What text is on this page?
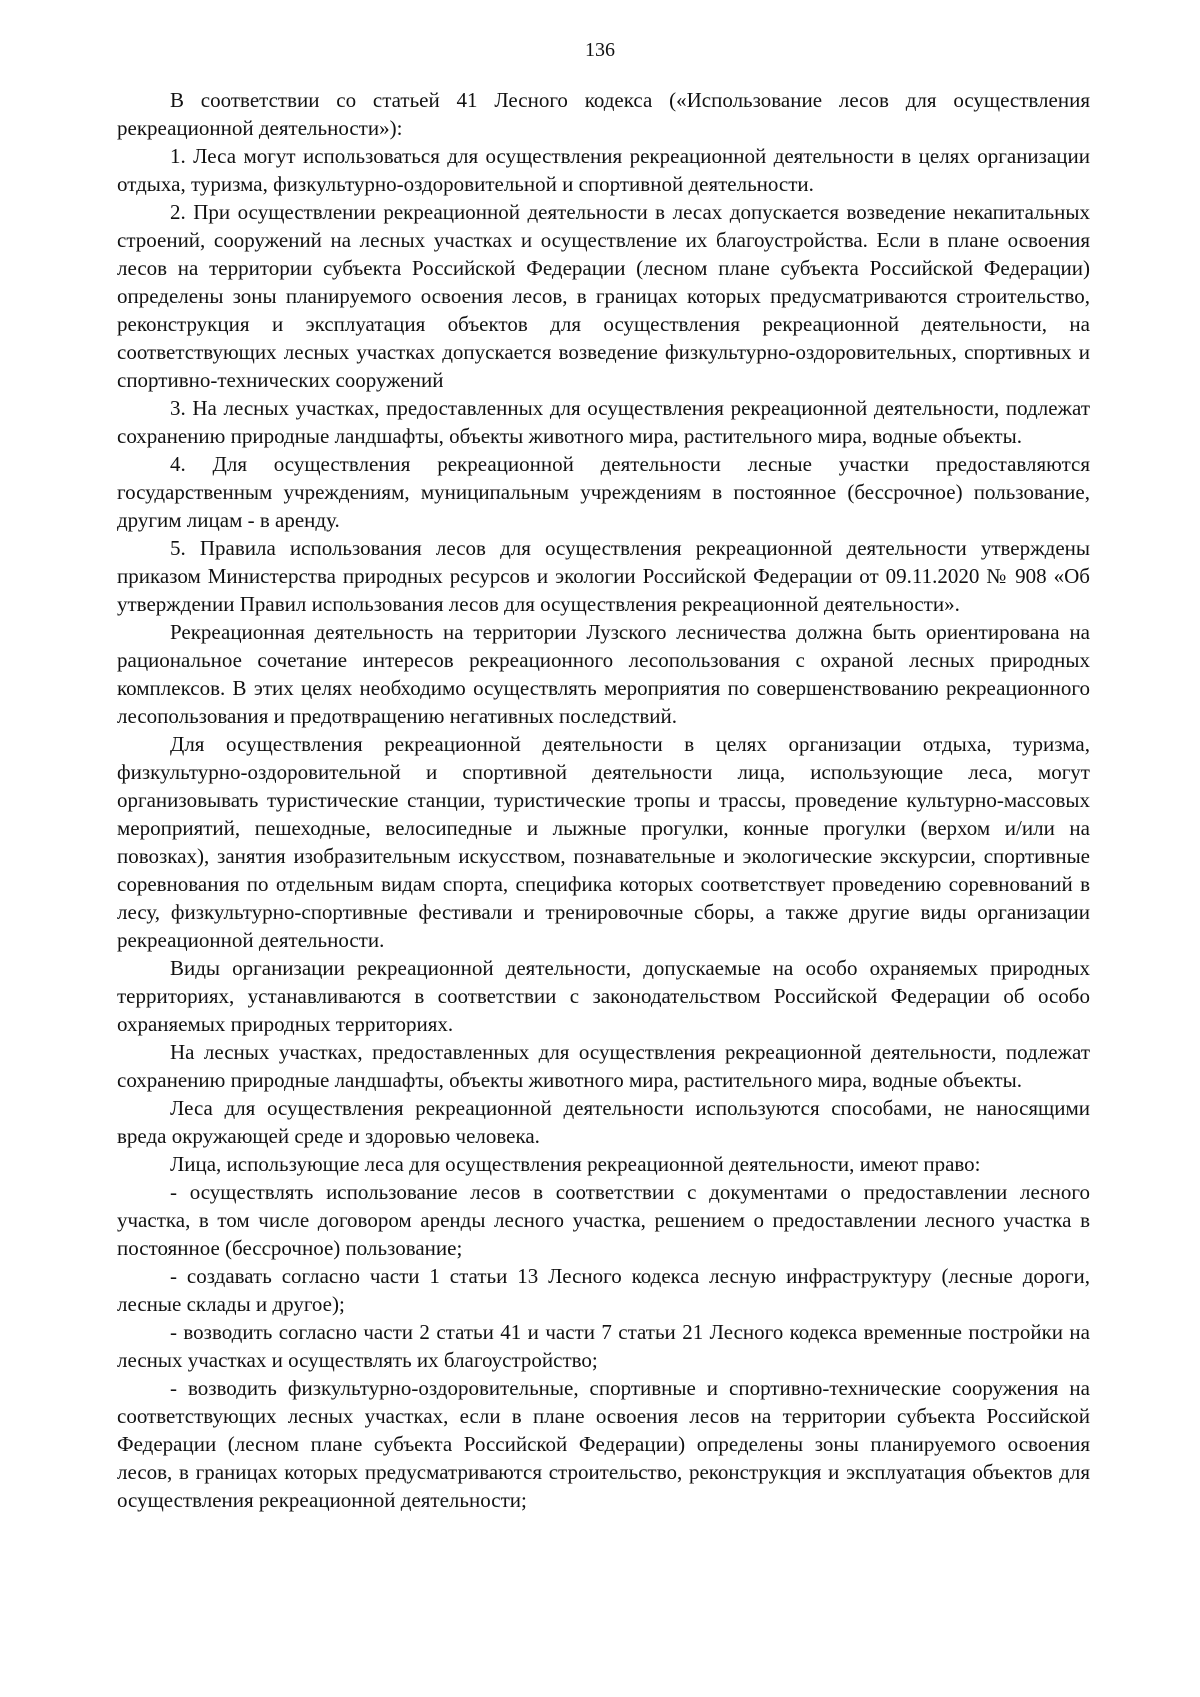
136

В соответствии со статьей 41 Лесного кодекса («Использование лесов для осуществления рекреационной деятельности»):

1. Леса могут использоваться для осуществления рекреационной деятельности в целях организации отдыха, туризма, физкультурно-оздоровительной и спортивной деятельности.

2. При осуществлении рекреационной деятельности в лесах допускается возведение некапитальных строений, сооружений на лесных участках и осуществление их благоустройства. Если в плане освоения лесов на территории субъекта Российской Федерации (лесном плане субъекта Российской Федерации) определены зоны планируемого освоения лесов, в границах которых предусматриваются строительство, реконструкция и эксплуатация объектов для осуществления рекреационной деятельности, на соответствующих лесных участках допускается возведение физкультурно-оздоровительных, спортивных и спортивно-технических сооружений

3. На лесных участках, предоставленных для осуществления рекреационной деятельности, подлежат сохранению природные ландшафты, объекты животного мира, растительного мира, водные объекты.

4. Для осуществления рекреационной деятельности лесные участки предоставляются государственным учреждениям, муниципальным учреждениям в постоянное (бессрочное) пользование, другим лицам - в аренду.

5. Правила использования лесов для осуществления рекреационной деятельности утверждены приказом Министерства природных ресурсов и экологии Российской Федерации от 09.11.2020 № 908 «Об утверждении Правил использования лесов для осуществления рекреационной деятельности».

Рекреационная деятельность на территории Лузского лесничества должна быть ориентирована на рациональное сочетание интересов рекреационного лесопользования с охраной лесных природных комплексов. В этих целях необходимо осуществлять мероприятия по совершенствованию рекреационного лесопользования и предотвращению негативных последствий.

Для осуществления рекреационной деятельности в целях организации отдыха, туризма, физкультурно-оздоровительной и спортивной деятельности лица, использующие леса, могут организовывать туристические станции, туристические тропы и трассы, проведение культурно-массовых мероприятий, пешеходные, велосипедные и лыжные прогулки, конные прогулки (верхом и/или на повозках), занятия изобразительным искусством, познавательные и экологические экскурсии, спортивные соревнования по отдельным видам спорта, специфика которых соответствует проведению соревнований в лесу, физкультурно-спортивные фестивали и тренировочные сборы, а также другие виды организации рекреационной деятельности.

Виды организации рекреационной деятельности, допускаемые на особо охраняемых природных территориях, устанавливаются в соответствии с законодательством Российской Федерации об особо охраняемых природных территориях.

На лесных участках, предоставленных для осуществления рекреационной деятельности, подлежат сохранению природные ландшафты, объекты животного мира, растительного мира, водные объекты.

Леса для осуществления рекреационной деятельности используются способами, не наносящими вреда окружающей среде и здоровью человека.

Лица, использующие леса для осуществления рекреационной деятельности, имеют право:

- осуществлять использование лесов в соответствии с документами о предоставлении лесного участка, в том числе договором аренды лесного участка, решением о предоставлении лесного участка в постоянное (бессрочное) пользование;

- создавать согласно части 1 статьи 13 Лесного кодекса лесную инфраструктуру (лесные дороги, лесные склады и другое);

- возводить согласно части 2 статьи 41 и части 7 статьи 21 Лесного кодекса временные постройки на лесных участках и осуществлять их благоустройство;

- возводить физкультурно-оздоровительные, спортивные и спортивно-технические сооружения на соответствующих лесных участках, если в плане освоения лесов на территории субъекта Российской Федерации (лесном плане субъекта Российской Федерации) определены зоны планируемого освоения лесов, в границах которых предусматриваются строительство, реконструкция и эксплуатация объектов для осуществления рекреационной деятельности;
